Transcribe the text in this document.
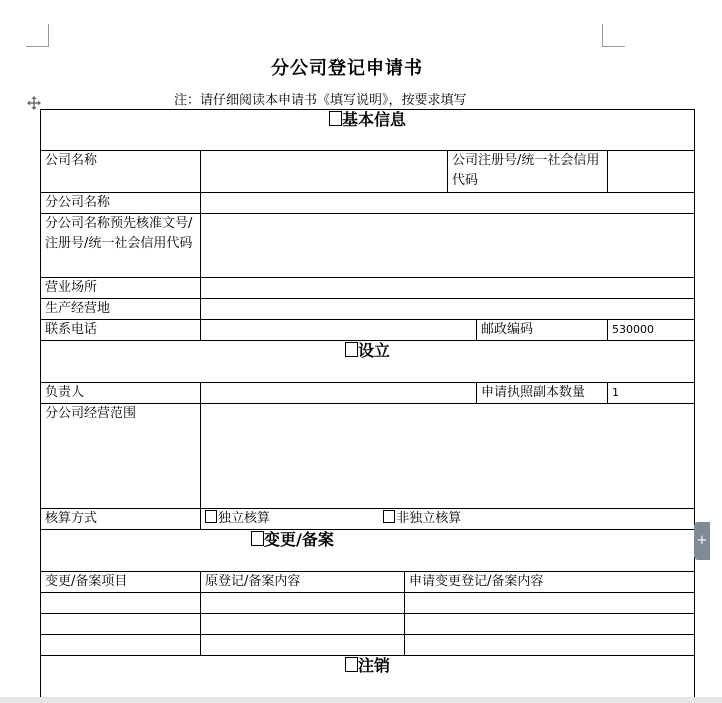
分公司登记申请书
注：请仔细阅读本申请书《填写说明》，按要求填写
基本信息					
公司名称			公司注册号/统一社会信用代码		
分公司名称					
分公司名称预先核准文号/注册号/统一社会信用代码					
营业场所					
生产经营地					
联系电话				邮政编码	530000
设立					
负责人				申请执照副本数量	1
分公司经营范围					
核算方式	独立核算 非独立核算				
变更/备案					
变更/备案项目	原登记/备案内容	申请变更登记/备案内容			

注销					
+
